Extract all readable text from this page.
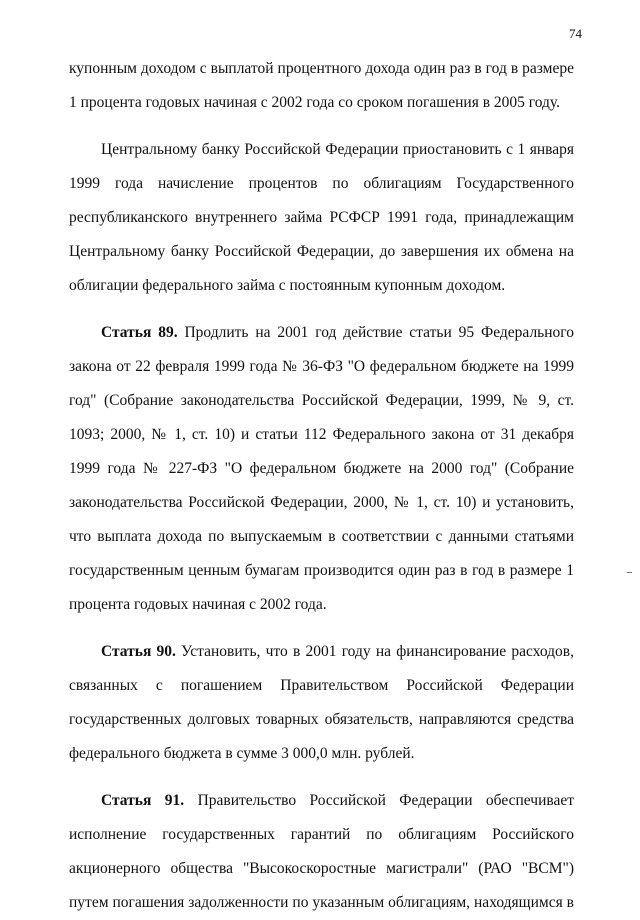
74

купонным доходом с выплатой процентного дохода один раз в год в размере 1 процента годовых начиная с 2002 года со сроком погашения в 2005 году.

Центральному банку Российской Федерации приостановить с 1 января 1999 года начисление процентов по облигациям Государственного республиканского внутреннего займа РСФСР 1991 года, принадлежащим Центральному банку Российской Федерации, до завершения их обмена на облигации федерального займа с постоянным купонным доходом.

Статья 89. Продлить на 2001 год действие статьи 95 Федерального закона от 22 февраля 1999 года № 36-ФЗ "О федеральном бюджете на 1999 год" (Собрание законодательства Российской Федерации, 1999, № 9, ст. 1093; 2000, № 1, ст. 10) и статьи 112 Федерального закона от 31 декабря 1999 года № 227-ФЗ "О федеральном бюджете на 2000 год" (Собрание законодательства Российской Федерации, 2000, № 1, ст. 10) и установить, что выплата дохода по выпускаемым в соответствии с данными статьями государственным ценным бумагам производится один раз в год в размере 1 процента годовых начиная с 2002 года.

Статья 90. Установить, что в 2001 году на финансирование расходов, связанных с погашением Правительством Российской Федерации государственных долговых товарных обязательств, направляются средства федерального бюджета в сумме 3 000,0 млн. рублей.

Статья 91. Правительство Российской Федерации обеспечивает исполнение государственных гарантий по облигациям Российского акционерного общества "Высокоскоростные магистрали" (РАО "ВСМ") путем погашения задолженности по указанным облигациям, находящимся в
